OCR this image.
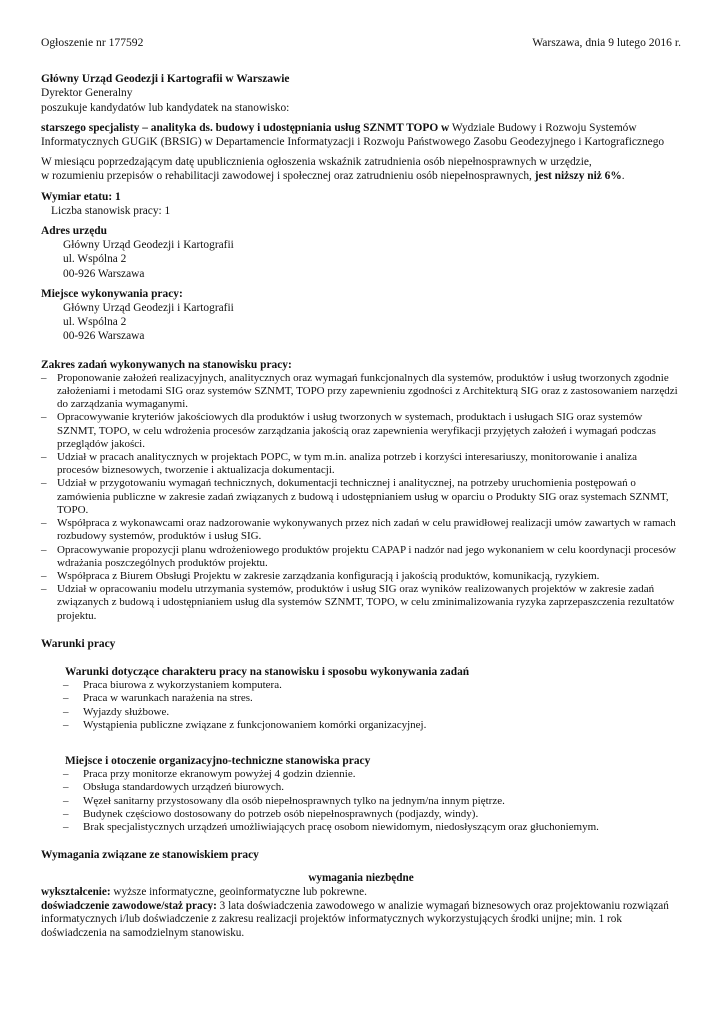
Ogłoszenie nr 177592	Warszawa, dnia 9 lutego 2016 r.

Główny Urząd Geodezji i Kartografii w Warszawie

Dyrektor Generalny

poszukuje kandydatów lub kandydatek na stanowisko:

starszego specjalisty – analityka ds. budowy i udostępniania usług SZNMT TOPO w Wydziale Budowy i Rozwoju Systemów Informatycznych GUGiK (BRSIG) w Departamencie Informatyzacji i Rozwoju Państwowego Zasobu Geodezyjnego i Kartograficznego

W miesiącu poprzedzającym datę upublicznienia ogłoszenia wskaźnik zatrudnienia osób niepełnosprawnych w urzędzie,
w rozumieniu przepisów o rehabilitacji zawodowej i społecznej oraz zatrudnieniu osób niepełnosprawnych, jest niższy niż 6%.

Wymiar etatu: 1

Liczba stanowisk pracy: 1

Adres urzędu

Główny Urząd Geodezji i Kartografii

ul. Wspólna 2

00-926 Warszawa

Miejsce wykonywania pracy:

Główny Urząd Geodezji i Kartografii

ul. Wspólna 2

00-926 Warszawa

Zakres zadań wykonywanych na stanowisku pracy:

– Proponowanie założeń realizacyjnych, analitycznych oraz wymagań funkcjonalnych dla systemów, produktów i usług tworzonych zgodnie założeniami i metodami SIG oraz systemów SZNMT, TOPO przy zapewnieniu zgodności z Architekturą SIG oraz z zastosowaniem narzędzi do zarządzania wymaganymi.
– Opracowywanie kryteriów jakościowych dla produktów i usług tworzonych w systemach, produktach i usługach SIG oraz systemów SZNMT, TOPO, w celu wdrożenia procesów zarządzania jakością oraz zapewnienia weryfikacji przyjętych założeń i wymagań podczas przeglądów jakości.
– Udział w pracach analitycznych w projektach POPC, w tym m.in. analiza potrzeb i korzyści interesariuszy, monitorowanie i analiza procesów biznesowych, tworzenie i aktualizacja dokumentacji.
– Udział w przygotowaniu wymagań technicznych, dokumentacji technicznej i analitycznej, na potrzeby uruchomienia postępowań o zamówienia publiczne w zakresie zadań związanych z budową i udostępnianiem usług w oparciu o Produkty SIG oraz systemach SZNMT, TOPO.
– Współpraca z wykonawcami oraz nadzorowanie wykonywanych przez nich zadań w celu prawidłowej realizacji umów zawartych w ramach rozbudowy systemów, produktów i usług SIG.
– Opracowywanie propozycji planu wdrożeniowego produktów projektu CAPAP i nadzór nad jego wykonaniem w celu koordynacji procesów wdrażania poszczególnych produktów projektu.
– Współpraca z Biurem Obsługi Projektu w zakresie zarządzania konfiguracją i jakością produktów, komunikacją, ryzykiem.
– Udział w opracowaniu modelu utrzymania systemów, produktów i usług SIG oraz wyników realizowanych projektów w zakresie zadań związanych z budową i udostępnianiem usług dla systemów SZNMT, TOPO, w celu zminimalizowania ryzyka zaprzepaszczenia rezultatów projektu.

Warunki pracy

Warunki dotyczące charakteru pracy na stanowisku i sposobu wykonywania zadań

– Praca biurowa z wykorzystaniem komputera.
– Praca w warunkach narażenia na stres.
– Wyjazdy służbowe.
– Wystąpienia publiczne związane z funkcjonowaniem komórki organizacyjnej.

Miejsce i otoczenie organizacyjno-techniczne stanowiska pracy

– Praca przy monitorze ekranowym powyżej 4 godzin dziennie.
– Obsługa standardowych urządzeń biurowych.
– Węzeł sanitarny przystosowany dla osób niepełnosprawnych tylko na jednym/na innym piętrze.
– Budynek częściowo dostosowany do potrzeb osób niepełnosprawnych (podjazdy, windy).
– Brak specjalistycznych urządzeń umożliwiających pracę osobom niewidomym, niedosłyszącym oraz głuchoniemym.

Wymagania związane ze stanowiskiem pracy

wymagania niezbędne

wykształcenie: wyższe informatyczne, geoinformatyczne lub pokrewne.

doświadczenie zawodowe/staż pracy: 3 lata doświadczenia zawodowego w analizie wymagań biznesowych oraz projektowaniu rozwiązań informatycznych i/lub doświadczenie z zakresu realizacji projektów informatycznych wykorzystujących środki unijne; min. 1 rok doświadczenia na samodzielnym stanowisku.
